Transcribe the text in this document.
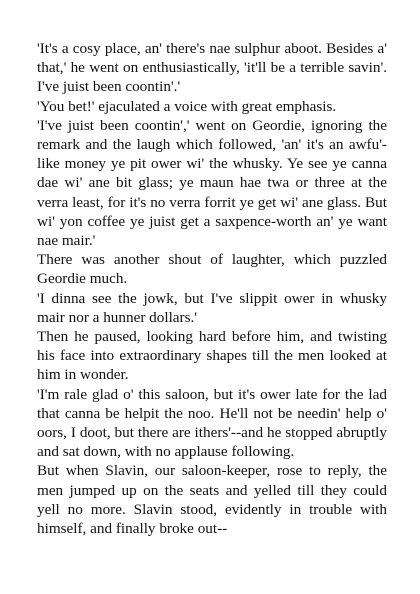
'It's a cosy place, an' there's nae sulphur aboot. Besides a' that,' he went on enthusiastically, 'it'll be a terrible savin'. I've juist been coontin'.'

'You bet!' ejaculated a voice with great emphasis.

'I've juist been coontin',' went on Geordie, ignoring the remark and the laugh which followed, 'an' it's an awfu'-like money ye pit ower wi' the whusky. Ye see ye canna dae wi' ane bit glass; ye maun hae twa or three at the verra least, for it's no verra forrit ye get wi' ane glass. But wi' yon coffee ye juist get a saxpence-worth an' ye want nae mair.'

There was another shout of laughter, which puzzled Geordie much.

'I dinna see the jowk, but I've slippit ower in whusky mair nor a hunner dollars.'

Then he paused, looking hard before him, and twisting his face into extraordinary shapes till the men looked at him in wonder.

'I'm rale glad o' this saloon, but it's ower late for the lad that canna be helpit the noo. He'll not be needin' help o' oors, I doot, but there are ithers'--and he stopped abruptly and sat down, with no applause following.

But when Slavin, our saloon-keeper, rose to reply, the men jumped up on the seats and yelled till they could yell no more. Slavin stood, evidently in trouble with himself, and finally broke out--
